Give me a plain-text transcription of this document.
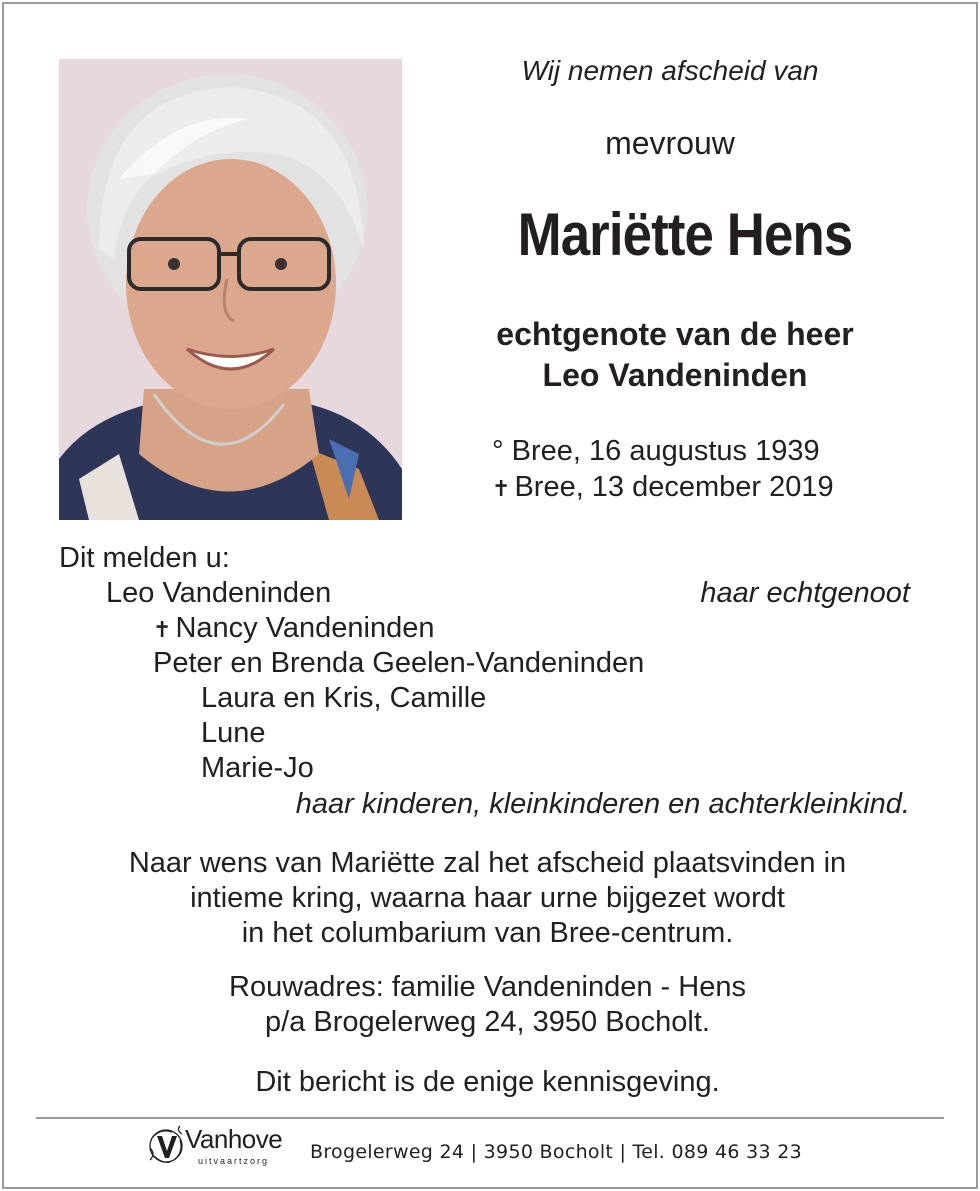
Wij nemen afscheid van
mevrouw
Mariëtte Hens
echtgenote van de heer
Leo Vandeninden
° Bree, 16 augustus 1939
✝ Bree, 13 december 2019
Dit melden u:
Leo Vandeninden	haar echtgenoot
✝ Nancy Vandeninden
Peter en Brenda Geelen-Vandeninden
Laura en Kris, Camille
Lune
Marie-Jo
haar kinderen, kleinkinderen en achterkleinkind.
Naar wens van Mariëtte zal het afscheid plaatsvinden in
intieme kring, waarna haar urne bijgezet wordt
in het columbarium van Bree-centrum.
Rouwadres: familie Vandeninden - Hens
p/a Brogelerweg 24, 3950 Bocholt.
Dit bericht is de enige kennisgeving.
Vanhove
uitvaartzorg Brogelerweg 24 | 3950 Bocholt | Tel. 089 46 33 23
